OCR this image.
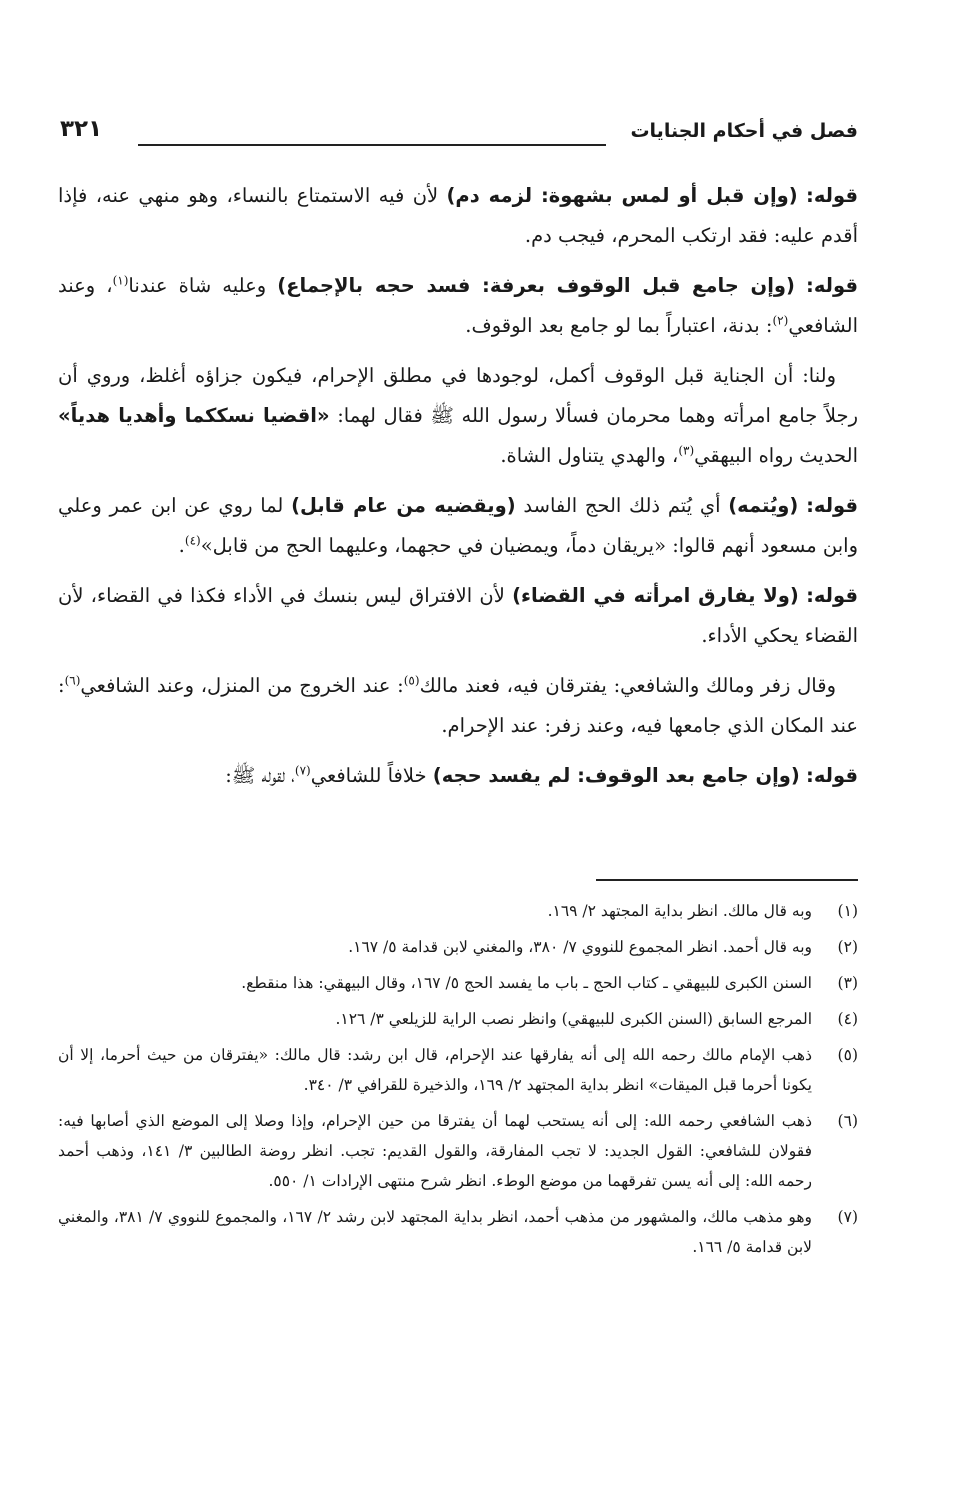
فصل في أحكام الجنايات
٣٢١

قوله: (وإن قبل أو لمس بشهوة: لزمه دم) لأن فيه الاستمتاع بالنساء، وهو منهي عنه، فإذا أقدم عليه: فقد ارتكب المحرم، فيجب دم.

قوله: (وإن جامع قبل الوقوف بعرفة: فسد حجه بالإجماع) وعليه شاة عندنا$^{(١)}$، وعند الشافعي$^{(٢)}$: بدنة، اعتباراً بما لو جامع بعد الوقوف.

ولنا: أن الجناية قبل الوقوف أكمل، لوجودها في مطلق الإحرام، فيكون جزاؤه أغلظ، وروي أن رجلاً جامع امرأته وهما محرمان فسألا رسول الله ﷺ فقال لهما: «اقضيا نسككما وأهديا هدياً» الحديث رواه البيهقي$^{(٣)}$، والهدي يتناول الشاة.

قوله: (ويُتمه) أي يُتم ذلك الحج الفاسد (ويقضيه من عام قابل) لما روي عن ابن عمر وعلي وابن مسعود أنهم قالوا: «يريقان دماً، ويمضيان في حجهما، وعليهما الحج من قابل»$^{(٤)}$.

قوله: (ولا يفارق امرأته في القضاء) لأن الافتراق ليس بنسك في الأداء فكذا في القضاء، لأن القضاء يحكي الأداء.

وقال زفر ومالك والشافعي: يفترقان فيه، فعند مالك$^{(٥)}$: عند الخروج من المنزل، وعند الشافعي$^{(٦)}$: عند المكان الذي جامعها فيه، وعند زفر: عند الإحرام.

قوله: (وإن جامع بعد الوقوف: لم يفسد حجه) خلافاً للشافعي$^{(٧)}$، لقوله ﷺ:

(١)
وبه قال مالك. انظر بداية المجتهد ٢/ ١٦٩.
(٢)
وبه قال أحمد. انظر المجموع للنووي ٧/ ٣٨٠، والمغني لابن قدامة ٥/ ١٦٧.
(٣)
السنن الكبرى للبيهقي ـ كتاب الحج ـ باب ما يفسد الحج ٥/ ١٦٧، وقال البيهقي: هذا منقطع.
(٤)
المرجع السابق (السنن الكبرى للبيهقي) وانظر نصب الراية للزيلعي ٣/ ١٢٦.
(٥)
ذهب الإمام مالك رحمه الله إلى أنه يفارقها عند الإحرام، قال ابن رشد: قال مالك: «يفترقان من حيث أحرما، إلا أن يكونا أحرما قبل الميقات» انظر بداية المجتهد ٢/ ١٦٩، والذخيرة للقرافي ٣/ ٣٤٠.
(٦)
ذهب الشافعي رحمه الله: إلى أنه يستحب لهما أن يفترقا من حين الإحرام، وإذا وصلا إلى الموضع الذي أصابها فيه: فقولان للشافعي: القول الجديد: لا تجب المفارقة، والقول القديم: تجب. انظر روضة الطالبين ٣/ ١٤١، وذهب أحمد رحمه الله: إلى أنه يسن تفرقهما من موضع الوطء. انظر شرح منتهى الإرادات ١/ ٥٥٠.
(٧)
وهو مذهب مالك، والمشهور من مذهب أحمد، انظر بداية المجتهد لابن رشد ٢/ ١٦٧، والمجموع للنووي ٧/ ٣٨١، والمغني لابن قدامة ٥/ ١٦٦.
